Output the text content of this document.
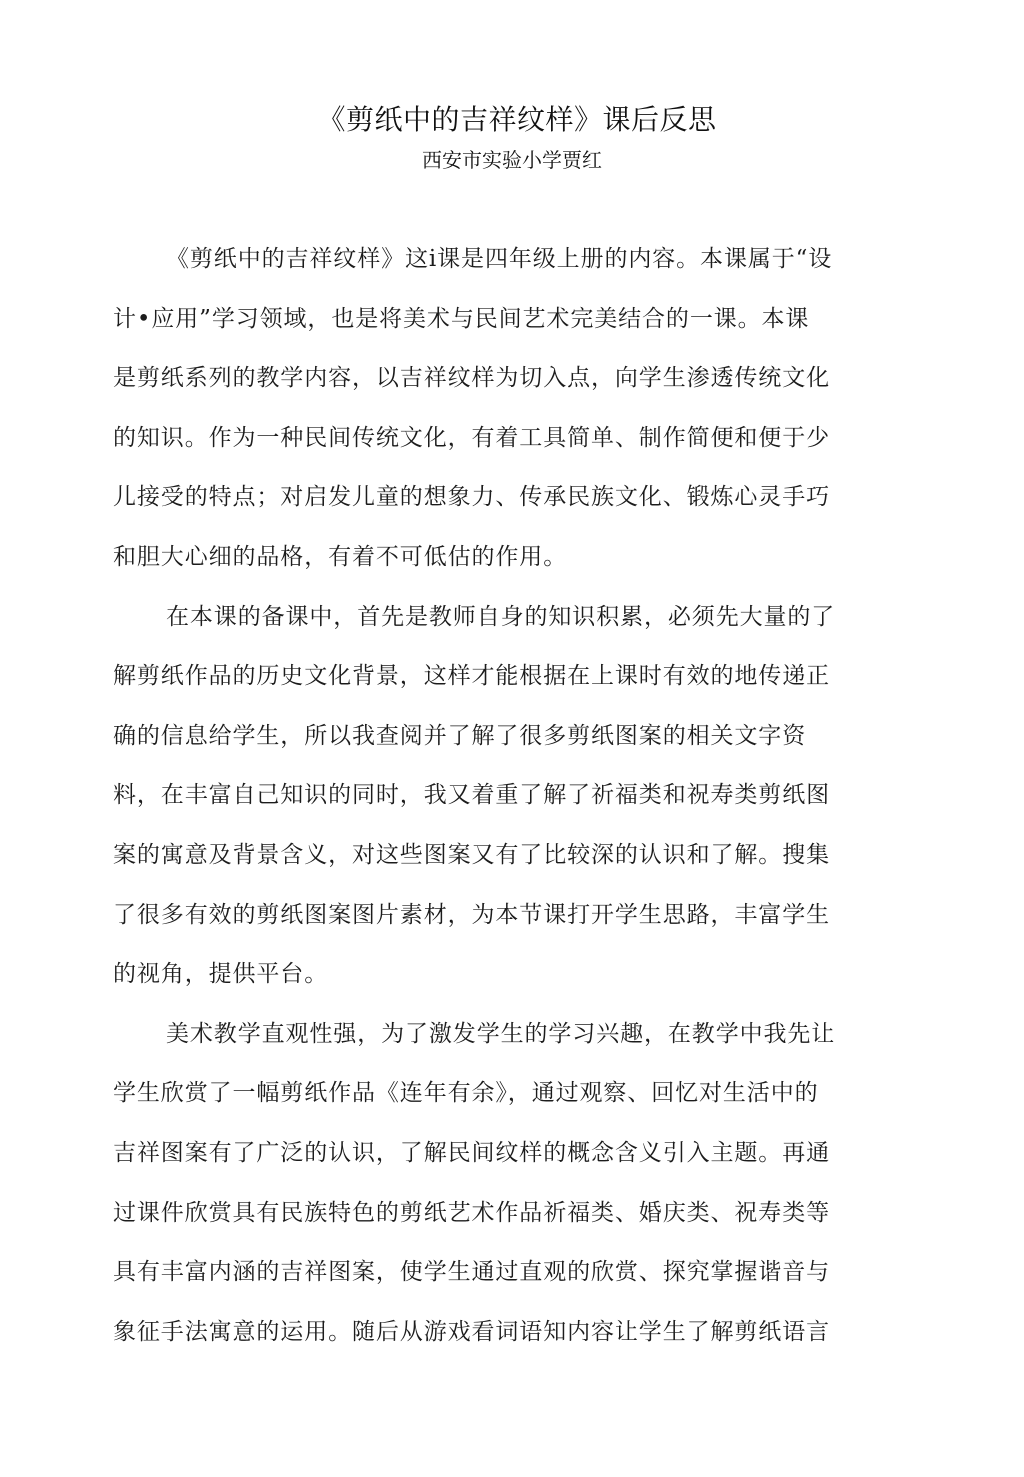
《剪纸中的吉祥纹样》课后反思
西安市实验小学贾红
《剪纸中的吉祥纹样》这i课是四年级上册的内容。本课属于“设
计•应用”学习领域，也是将美术与民间艺术完美结合的一课。本课
是剪纸系列的教学内容，以吉祥纹样为切入点，向学生渗透传统文化
的知识。作为一种民间传统文化，有着工具简单、制作简便和便于少
儿接受的特点；对启发儿童的想象力、传承民族文化、锻炼心灵手巧
和胆大心细的品格，有着不可低估的作用。
在本课的备课中，首先是教师自身的知识积累，必须先大量的了
解剪纸作品的历史文化背景，这样才能根据在上课时有效的地传递正
确的信息给学生，所以我查阅并了解了很多剪纸图案的相关文字资
料，在丰富自己知识的同时，我又着重了解了祈福类和祝寿类剪纸图
案的寓意及背景含义，对这些图案又有了比较深的认识和了解。搜集
了很多有效的剪纸图案图片素材，为本节课打开学生思路，丰富学生
的视角，提供平台。
美术教学直观性强，为了激发学生的学习兴趣，在教学中我先让
学生欣赏了一幅剪纸作品《连年有余》，通过观察、回忆对生活中的
吉祥图案有了广泛的认识，了解民间纹样的概念含义引入主题。再通
过课件欣赏具有民族特色的剪纸艺术作品祈福类、婚庆类、祝寿类等
具有丰富内涵的吉祥图案，使学生通过直观的欣赏、探究掌握谐音与
象征手法寓意的运用。随后从游戏看词语知内容让学生了解剪纸语言
